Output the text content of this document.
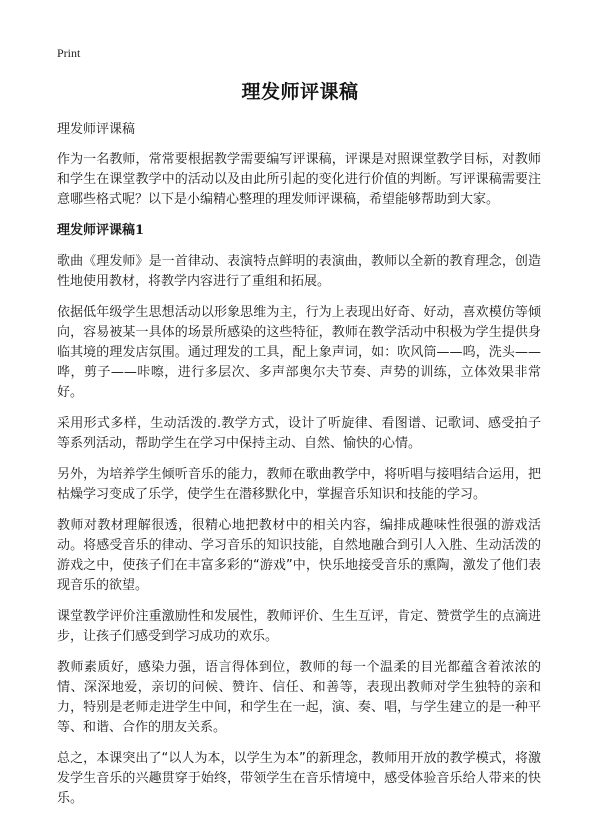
Print
理发师评课稿

理发师评课稿

作为一名教师，常常要根据教学需要编写评课稿，评课是对照课堂教学目标，对教师和学生在课堂教学中的活动以及由此所引起的变化进行价值的判断。写评课稿需要注意哪些格式呢？以下是小编精心整理的理发师评课稿，希望能够帮助到大家。

理发师评课稿1

歌曲《理发师》是一首律动、表演特点鲜明的表演曲，教师以全新的教育理念，创造性地使用教材，将教学内容进行了重组和拓展。

依据低年级学生思想活动以形象思维为主，行为上表现出好奇、好动，喜欢模仿等倾向，容易被某一具体的场景所感染的这些特征，教师在教学活动中积极为学生提供身临其境的理发店氛围。通过理发的工具，配上象声词，如：吹风筒——呜，洗头——哗，剪子——咔嚓，进行多层次、多声部奥尔夫节奏、声势的训练，立体效果非常好。

采用形式多样，生动活泼的.教学方式，设计了听旋律、看图谱、记歌词、感受拍子等系列活动，帮助学生在学习中保持主动、自然、愉快的心情。

另外，为培养学生倾听音乐的能力，教师在歌曲教学中，将听唱与接唱结合运用，把枯燥学习变成了乐学，使学生在潜移默化中，掌握音乐知识和技能的学习。

教师对教材理解很透，很精心地把教材中的相关内容，编排成趣味性很强的游戏活动。将感受音乐的律动、学习音乐的知识技能，自然地融合到引人入胜、生动活泼的游戏之中，使孩子们在丰富多彩的“游戏”中，快乐地接受音乐的熏陶，激发了他们表现音乐的欲望。

课堂教学评价注重激励性和发展性，教师评价、生生互评，肯定、赞赏学生的点滴进步，让孩子们感受到学习成功的欢乐。

教师素质好，感染力强，语言得体到位，教师的每一个温柔的目光都蕴含着浓浓的情、深深地爱，亲切的问候、赞许、信任、和善等，表现出教师对学生独特的亲和力，特别是老师走进学生中间，和学生在一起，演、奏、唱，与学生建立的是一种平等、和谐、合作的朋友关系。

总之，本课突出了“以人为本，以学生为本”的新理念，教师用开放的教学模式，将激发学生音乐的兴趣贯穿于始终，带领学生在音乐情境中，感受体验音乐给人带来的快乐。
